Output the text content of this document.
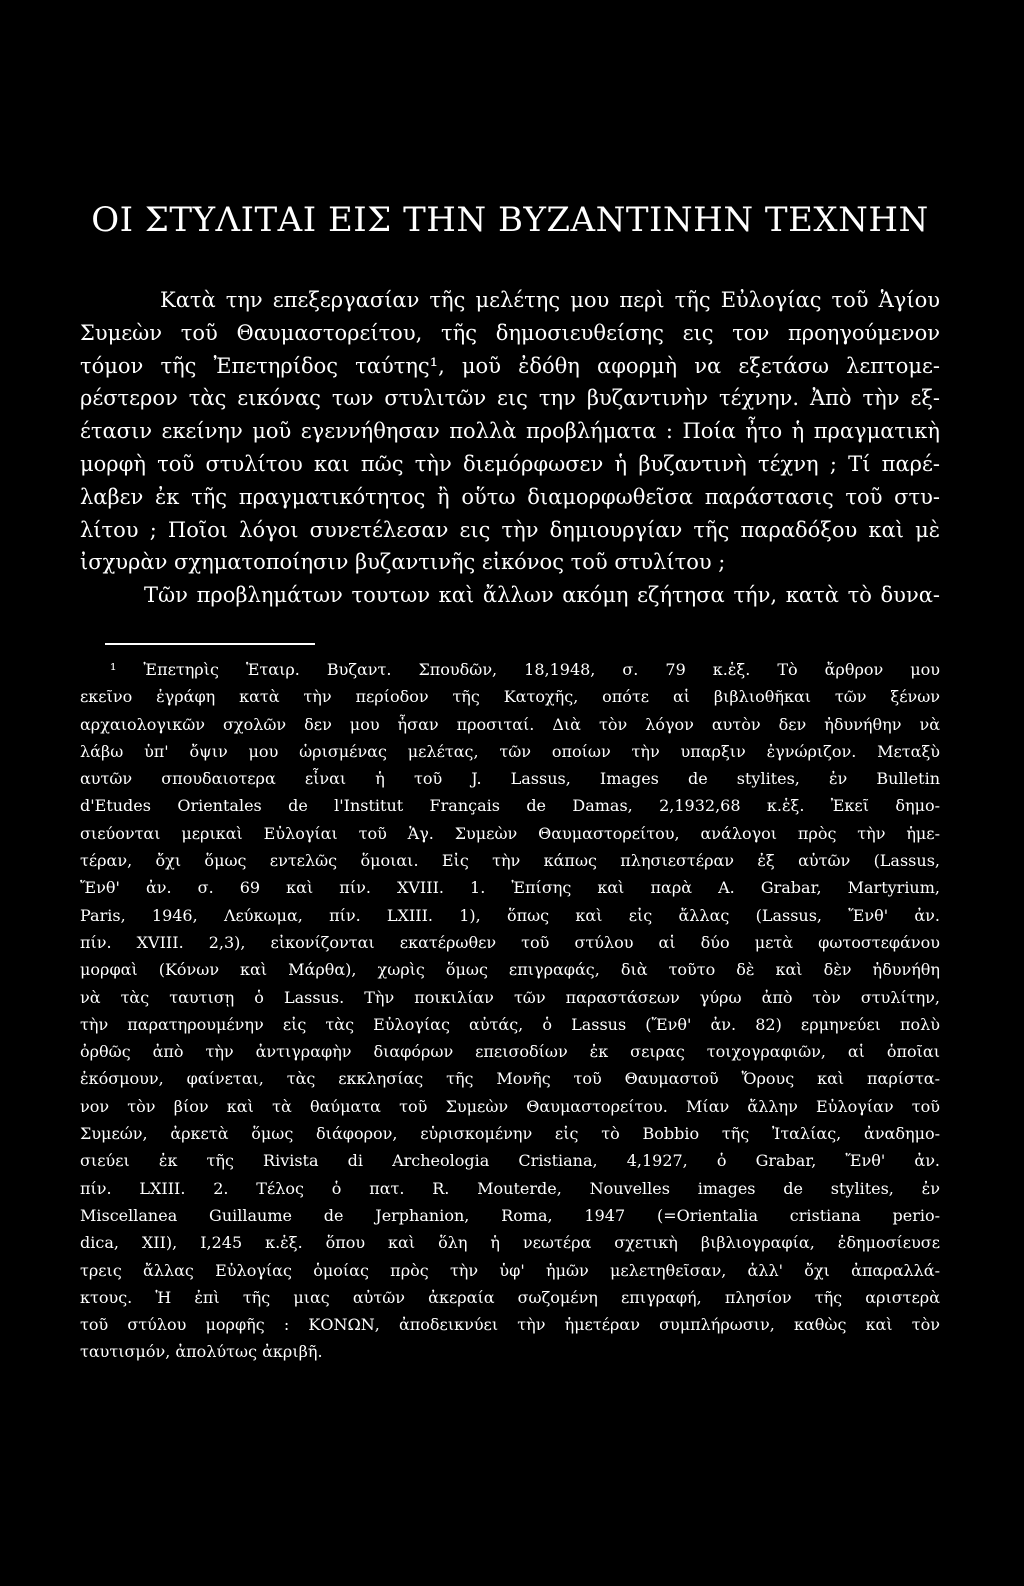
ΟΙ ΣΤΥΛΙΤΑΙ ΕΙΣ ΤΗΝ ΒΥΖΑΝΤΙΝΗΝ ΤΕΧΝΗΝ
Κατὰ την επεξεργασίαν τῆς μελέτης μου περὶ τῆς Εὐλογίας τοῦ Ἁγίου
Συμεὼν τοῦ Θαυμαστορείτου, τῆς δημοσιευθείσης εις τον προηγούμενον
τόμον τῆς Ἐπετηρίδος ταύτης¹, μοῦ ἐδόθη αφορμὴ να εξετάσω λεπτομε-
ρέστερον τὰς εικόνας των στυλιτῶν εις την βυζαντινὴν τέχνην. Ἀπὸ τὴν εξ-
έτασιν εκείνην μοῦ εγεννήθησαν πολλὰ προβλήματα : Ποία ἦτο ἡ πραγματικὴ
μορφὴ τοῦ στυλίτου και πῶς τὴν διεμόρφωσεν ἡ βυζαντινὴ τέχνη ; Τί παρέ-
λαβεν ἐκ τῆς πραγματικότητος ἢ οὕτω διαμορφωθεῖσα παράστασις τοῦ στυ-
λίτου ; Ποῖοι λόγοι συνετέλεσαν εις τὴν δημιουργίαν τῆς παραδόξου καὶ μὲ
ἰσχυρὰν σχηματοποίησιν βυζαντινῆς εἰκόνος τοῦ στυλίτου ;
Τῶν προβλημάτων τουτων καὶ ἄλλων ακόμη εζήτησα τήν, κατὰ τὸ δυνα-
¹ Ἐπετηρὶς Ἑταιρ. Βυζαντ. Σπουδῶν, 18,1948, σ. 79 κ.ἑξ. Τὸ ἄρθρον μου
εκεῖνο ἐγράφη κατὰ τὴν περίοδον τῆς Κατοχῆς, οπότε αἱ βιβλιοθῆκαι τῶν ξένων
αρχαιολογικῶν σχολῶν δεν μου ἦσαν προσιταί. Διὰ τὸν λόγον αυτὸν δεν ἠδυνήθην νὰ
λάβω ὑπ' ὄψιν μου ὡρισμένας μελέτας, τῶν οποίων τὴν υπαρξιν ἐγνώριζον. Μεταξὺ
αυτῶν σπουδαιοτερα εἶναι ἡ τοῦ J. Lassus, Images de stylites, ἐν Bulletin
d'Etudes Orientales de l'Institut Français de Damas, 2,1932,68 κ.ἑξ. Ἐκεῖ δημο-
σιεύονται μερικαὶ Εὐλογίαι τοῦ Ἁγ. Συμεὼν Θαυμαστορείτου, ανάλογοι πρὸς τὴν ἡμε-
τέραν, ὄχι ὅμως εντελῶς ὅμοιαι. Εἰς τὴν κάπως πλησιεστέραν ἐξ αὐτῶν (Lassus,
Ἔνθ' ἀν. σ. 69 καὶ πίν. XVIII. 1. Ἐπίσης καὶ παρὰ A. Grabar, Martyrium,
Paris, 1946, Λεύκωμα, πίν. LXIII. 1), ὅπως καὶ εἰς ἄλλας (Lassus, Ἔνθ' ἀν.
πίν. XVIII. 2,3), εἰκονίζονται εκατέρωθεν τοῦ στύλου αἱ δύο μετὰ φωτοστεφάνου
μορφαὶ (Κόνων καὶ Μάρθα), χωρὶς ὅμως επιγραφάς, διὰ τοῦτο δὲ καὶ δὲν ἠδυνήθη
νὰ τὰς ταυτισῃ ὁ Lassus. Τὴν ποικιλίαν τῶν παραστάσεων γύρω ἀπὸ τὸν στυλίτην,
τὴν παρατηρουμένην εἰς τὰς Εὐλογίας αὐτάς, ὁ Lassus (Ἔνθ' ἀν. 82) ερμηνεύει πολὺ
ὀρθῶς ἀπὸ τὴν ἀντιγραφὴν διαφόρων επεισοδίων ἐκ σειρας τοιχογραφιῶν, αἱ ὁποῖαι
ἐκόσμουν, φαίνεται, τὰς εκκλησίας τῆς Μονῆς τοῦ Θαυμαστοῦ Ὄρους καὶ παρίστα-
νον τὸν βίον καὶ τὰ θαύματα τοῦ Συμεὼν Θαυμαστορείτου. Μίαν ἄλλην Εὐλογίαν τοῦ
Συμεών, ἀρκετὰ ὅμως διάφορον, εὑρισκομένην εἰς τὸ Bobbio τῆς Ἰταλίας, ἀναδημο-
σιεύει ἐκ τῆς Rivista di Archeologia Cristiana, 4,1927, ὁ Grabar, Ἔνθ' ἀν.
πίν. LXIII. 2. Τέλος ὁ πατ. R. Mouterde, Nouvelles images de stylites, ἐν
Miscellanea Guillaume de Jerphanion, Roma, 1947 (=Orientalia cristiana perio-
dica, XII), I,245 κ.ἑξ. ὅπου καὶ ὅλη ἡ νεωτέρα σχετικὴ βιβλιογραφία, ἐδημοσίευσε
τρεις ἄλλας Εὐλογίας ὁμοίας πρὸς τὴν ὑφ' ἡμῶν μελετηθεῖσαν, ἀλλ' ὄχι ἀπαραλλά-
κτους. Ἡ ἐπὶ τῆς μιας αὐτῶν ἀκεραία σωζομένη επιγραφή, πλησίον τῆς αριστερὰ
τοῦ στύλου μορφῆς : ΚΟΝΩΝ, ἀποδεικνύει τὴν ἡμετέραν συμπλήρωσιν, καθὼς καὶ τὸν
ταυτισμόν, ἀπολύτως ἀκριβῆ.
